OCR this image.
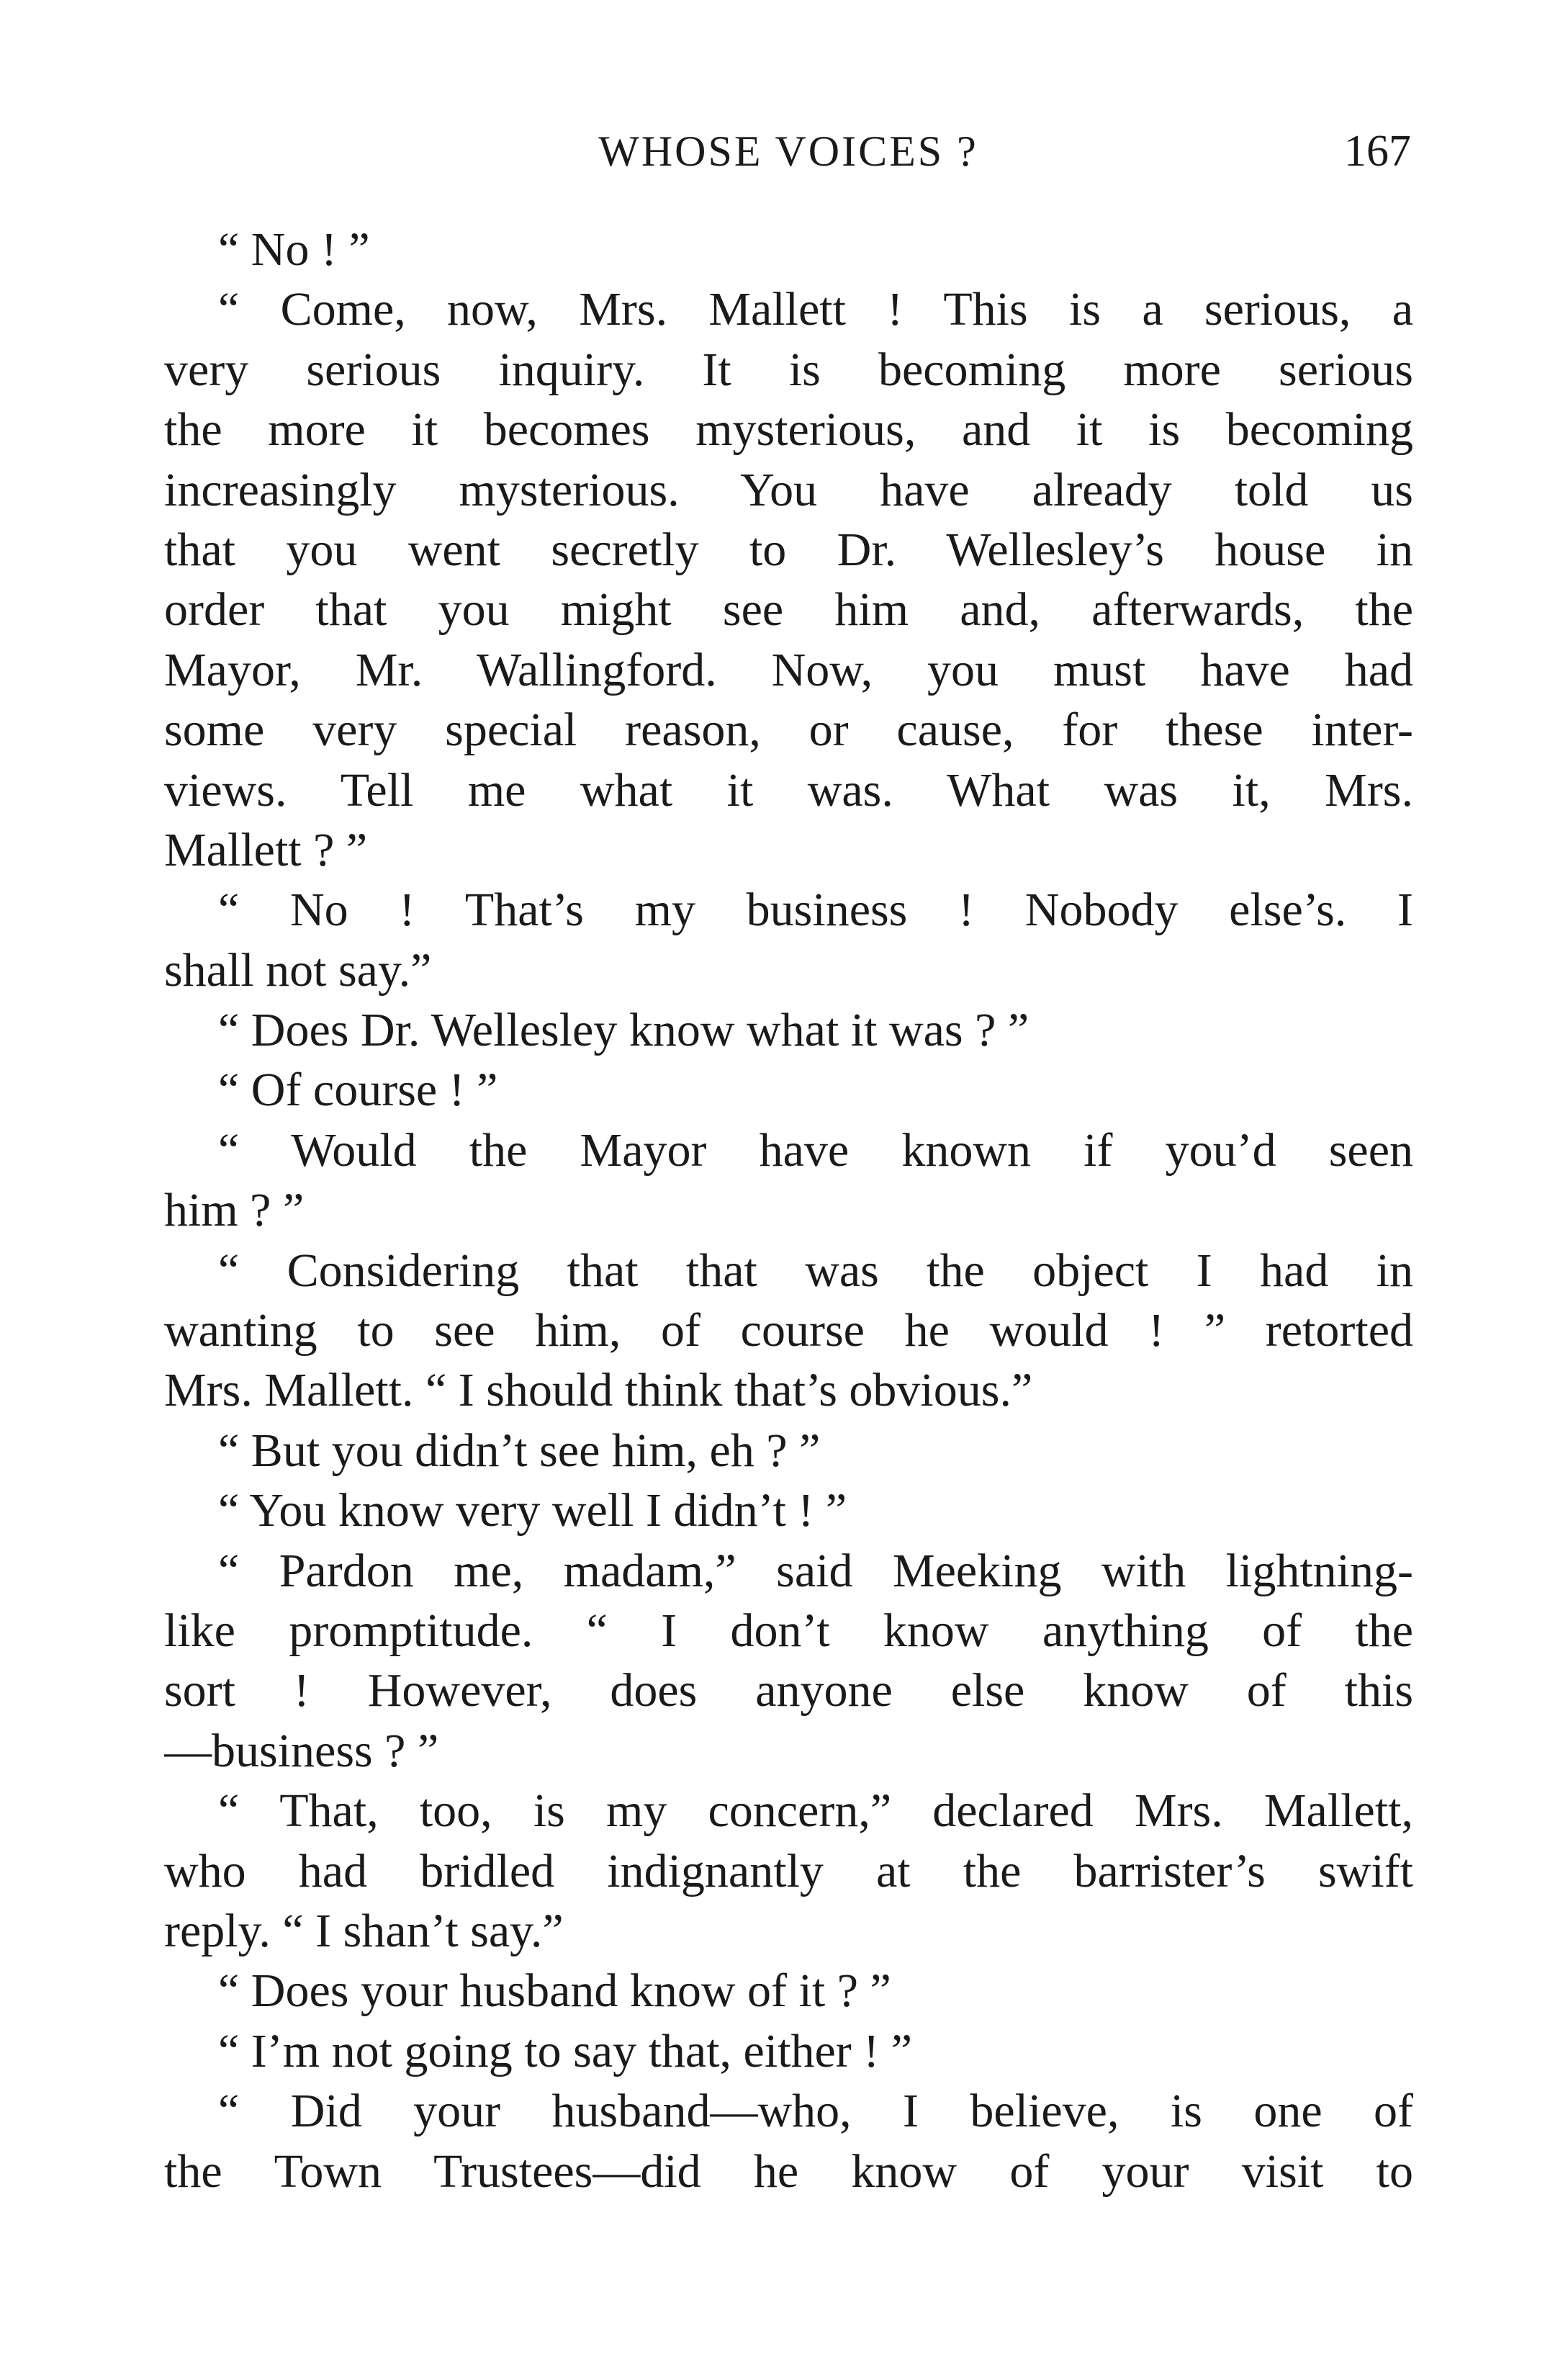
WHOSE VOICES ?	167
“ No ! ”
“ Come, now, Mrs. Mallett ! This is a serious, a
very serious inquiry. It is becoming more serious
the more it becomes mysterious, and it is becoming
increasingly mysterious. You have already told us
that you went secretly to Dr. Wellesley’s house in
order that you might see him and, afterwards, the
Mayor, Mr. Wallingford. Now, you must have had
some very special reason, or cause, for these inter-
views. Tell me what it was. What was it, Mrs.
Mallett ? ”
“ No ! That’s my business ! Nobody else’s. I
shall not say.”
“ Does Dr. Wellesley know what it was ? ”
“ Of course ! ”
“ Would the Mayor have known if you’d seen
him ? ”
“ Considering that that was the object I had in
wanting to see him, of course he would ! ” retorted
Mrs. Mallett. “ I should think that’s obvious.”
“ But you didn’t see him, eh ? ”
“ You know very well I didn’t ! ”
“ Pardon me, madam,” said Meeking with lightning-
like promptitude. “ I don’t know anything of the
sort ! However, does anyone else know of this
—business ? ”
“ That, too, is my concern,” declared Mrs. Mallett,
who had bridled indignantly at the barrister’s swift
reply. “ I shan’t say.”
“ Does your husband know of it ? ”
“ I’m not going to say that, either ! ”
“ Did your husband—who, I believe, is one of
the Town Trustees—did he know of your visit to
